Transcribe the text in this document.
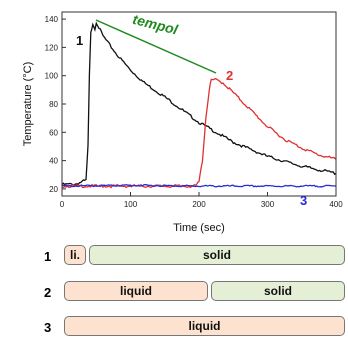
0	100	200	300	400
20
40
60
80
100
120
140
Time (sec)
Temperature (°C)
1
2
3
tempol
1	li.	solid
2	liquid	solid
3	liquid
